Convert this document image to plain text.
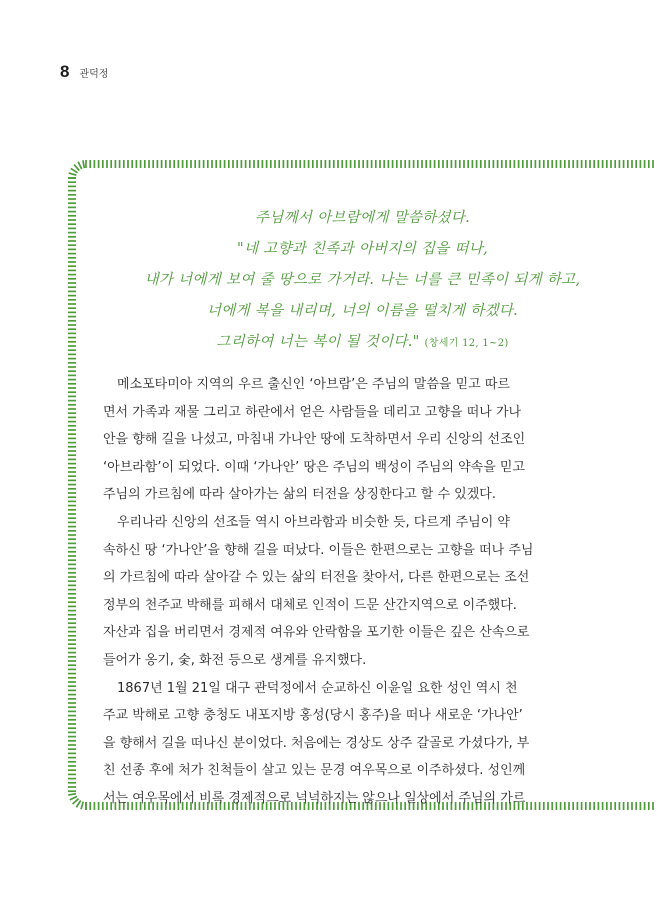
8 관덕정
주님께서 아브람에게 말씀하셨다.
"네 고향과 친족과 아버지의 집을 떠나,
내가 너에게 보여 줄 땅으로 가거라. 나는 너를 큰 민족이 되게 하고,
너에게 복을 내리며, 너의 이름을 떨치게 하겠다.
그리하여 너는 복이 될 것이다." (창세기 12, 1~2)
메소포타미아 지역의 우르 출신인 ‘아브람’은 주님의 말씀을 믿고 따르
면서 가족과 재물 그리고 하란에서 얻은 사람들을 데리고 고향을 떠나 가나
안을 향해 길을 나섰고, 마침내 가나안 땅에 도착하면서 우리 신앙의 선조인
‘아브라함’이 되었다. 이때 ‘가나안’ 땅은 주님의 백성이 주님의 약속을 믿고
주님의 가르침에 따라 살아가는 삶의 터전을 상징한다고 할 수 있겠다.
우리나라 신앙의 선조들 역시 아브라함과 비슷한 듯, 다르게 주님이 약
속하신 땅 ‘가나안’을 향해 길을 떠났다. 이들은 한편으로는 고향을 떠나 주님
의 가르침에 따라 살아갈 수 있는 삶의 터전을 찾아서, 다른 한편으로는 조선
정부의 천주교 박해를 피해서 대체로 인적이 드문 산간지역으로 이주했다.
자산과 집을 버리면서 경제적 여유와 안락함을 포기한 이들은 깊은 산속으로
들어가 옹기, 숯, 화전 등으로 생계를 유지했다.
1867년 1월 21일 대구 관덕정에서 순교하신 이윤일 요한 성인 역시 천
주교 박해로 고향 충청도 내포지방 홍성(당시 홍주)을 떠나 새로운 ‘가나안’
을 향해서 길을 떠나신 분이었다. 처음에는 경상도 상주 갈골로 가셨다가, 부
친 선종 후에 처가 친척들이 살고 있는 문경 여우목으로 이주하셨다. 성인께
서는 여우목에서 비록 경제적으로 넉넉하지는 않으나 일상에서 주님의 가르
